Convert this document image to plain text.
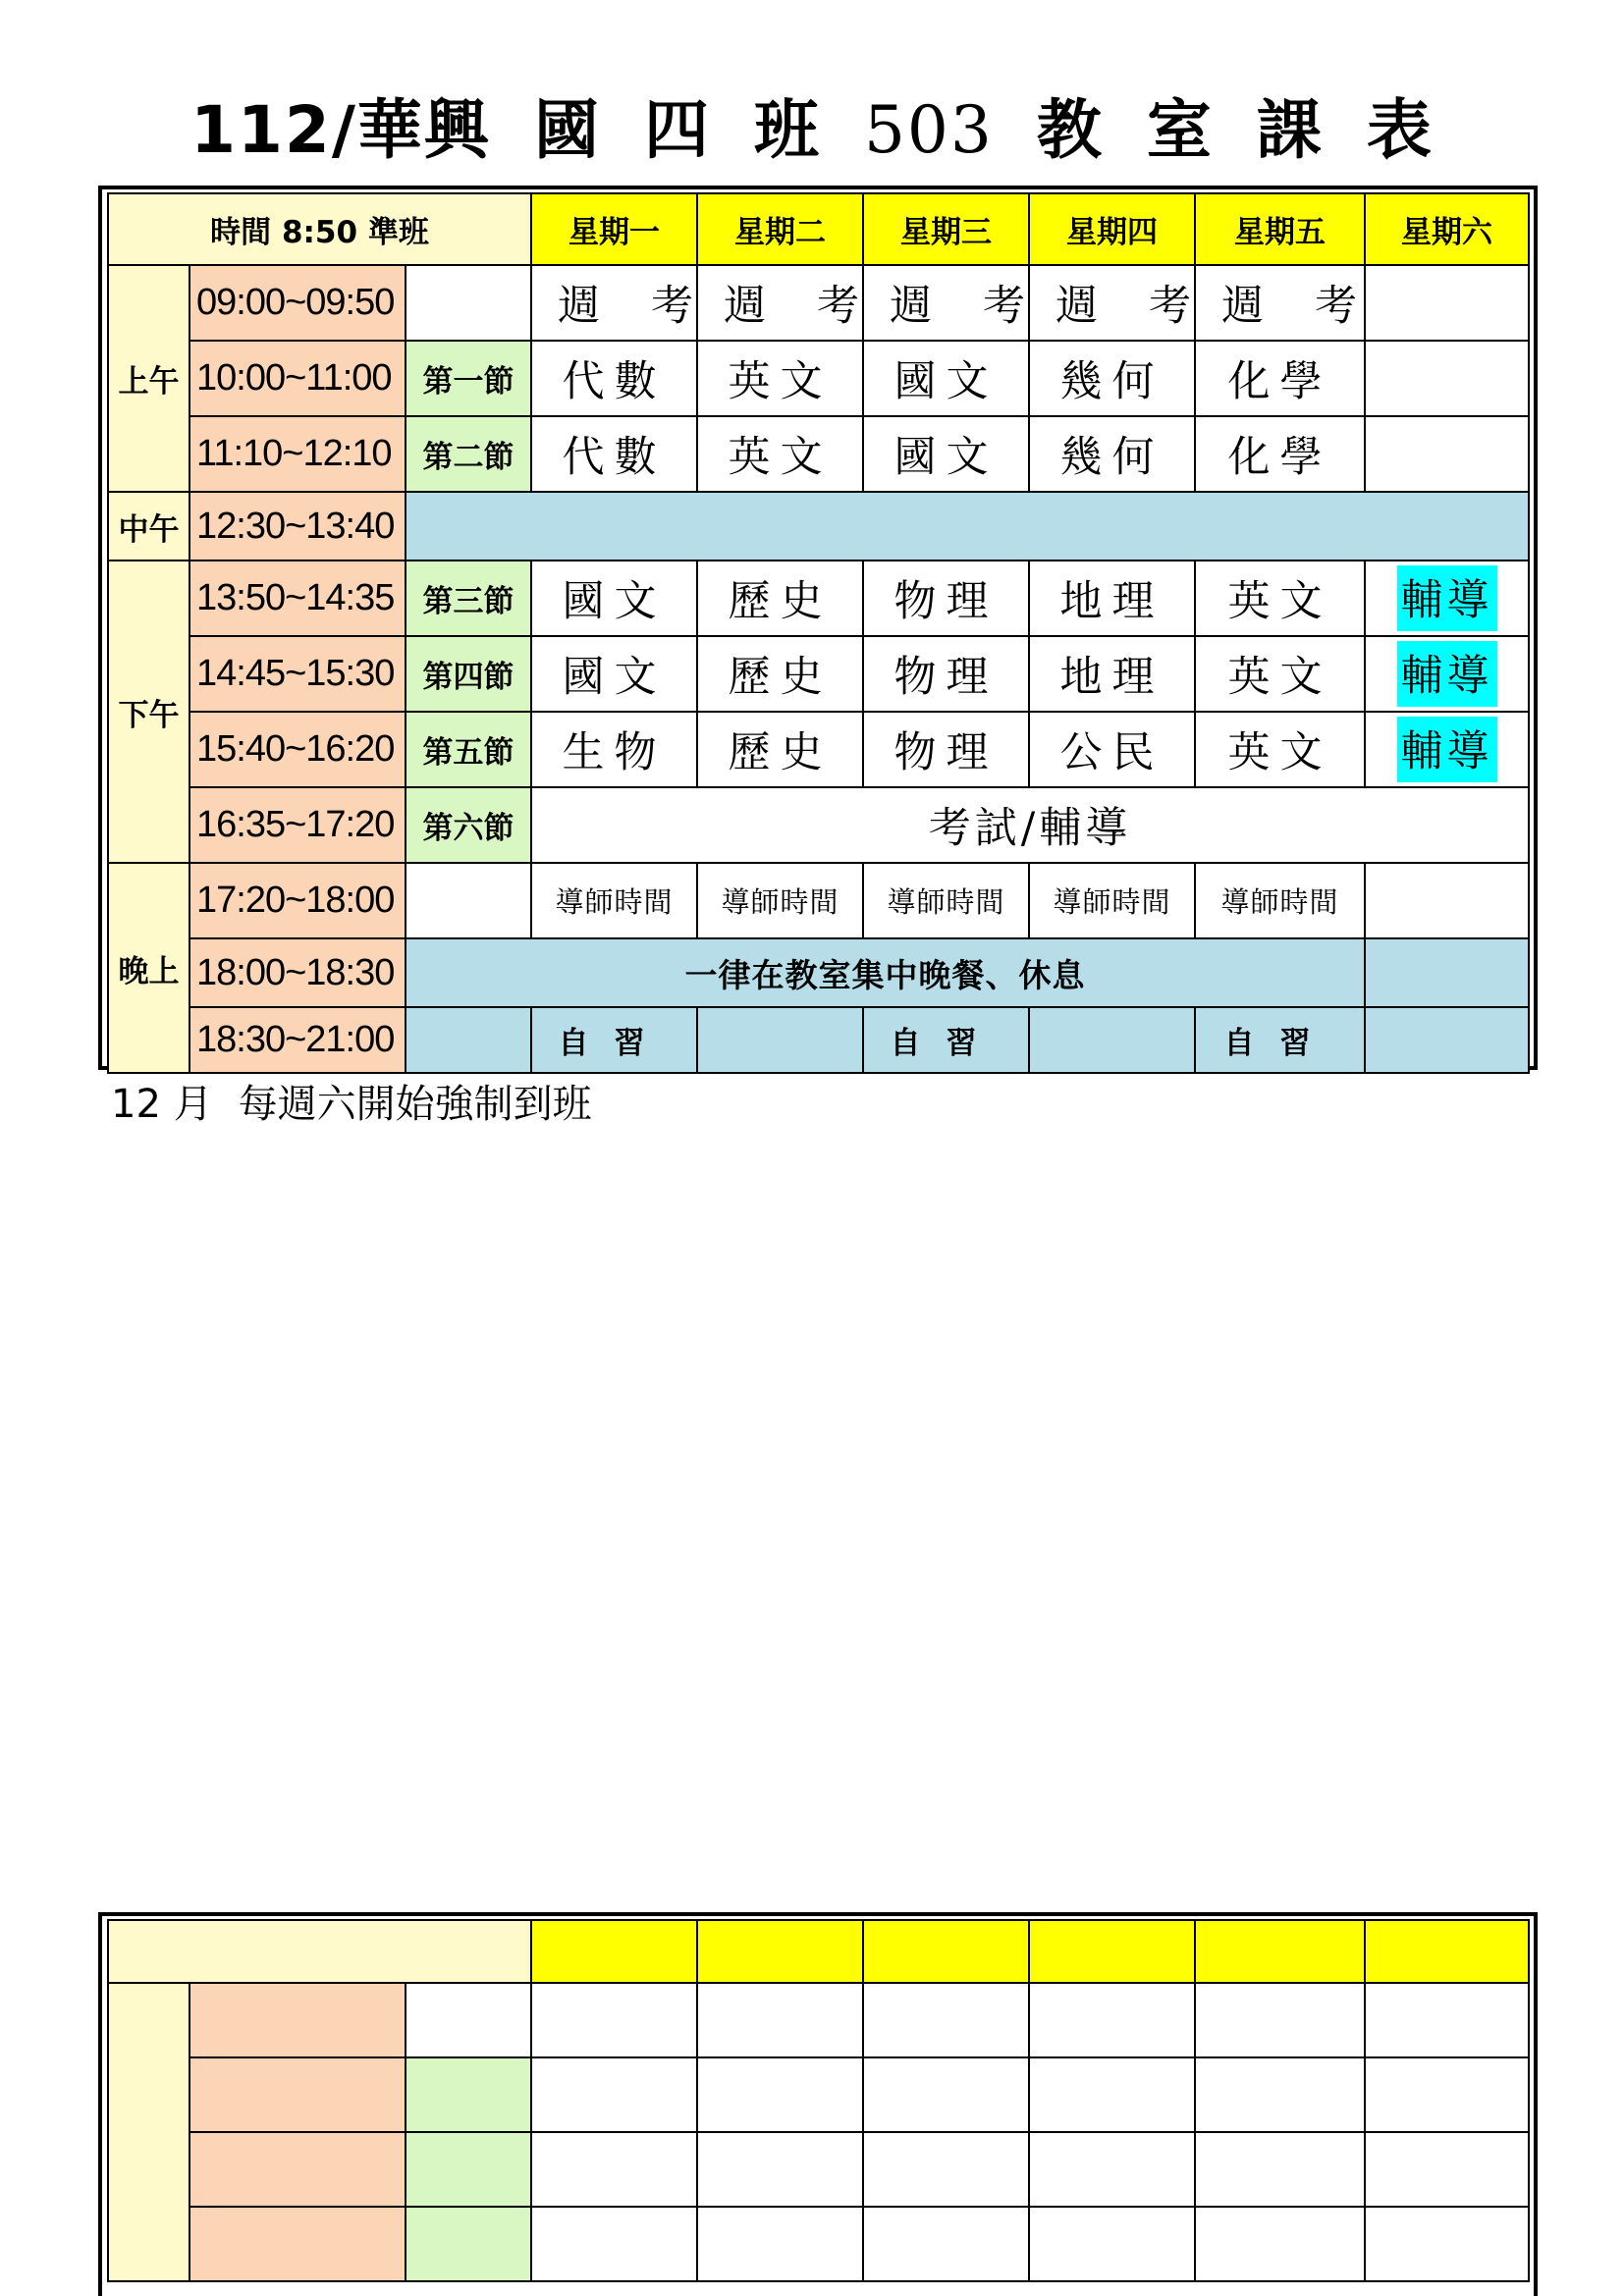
112/華興 國 四 班 503 教 室 課 表
時間 8:50 準班			星期一	星期二	星期三	星期四	星期五	星期六
上午	09:00~09:50		週考	週考	週考	週考	週考	
	10:00~11:00	第一節	代數	英文	國文	幾何	化學	
	11:10~12:10	第二節	代數	英文	國文	幾何	化學	
中午	12:30~13:40							
下午	13:50~14:35	第三節	國文	歷史	物理	地理	英文	輔導
	14:45~15:30	第四節	國文	歷史	物理	地理	英文	輔導
	15:40~16:20	第五節	生物	歷史	物理	公民	英文	輔導
	16:35~17:20	第六節	考試/輔導					
晚上	17:20~18:00		導師時間	導師時間	導師時間	導師時間	導師時間	
	18:00~18:30	一律在教室集中晚餐、休息						
	18:30~21:00		自習		自習		自習	
12 月 每週六開始強制到班
